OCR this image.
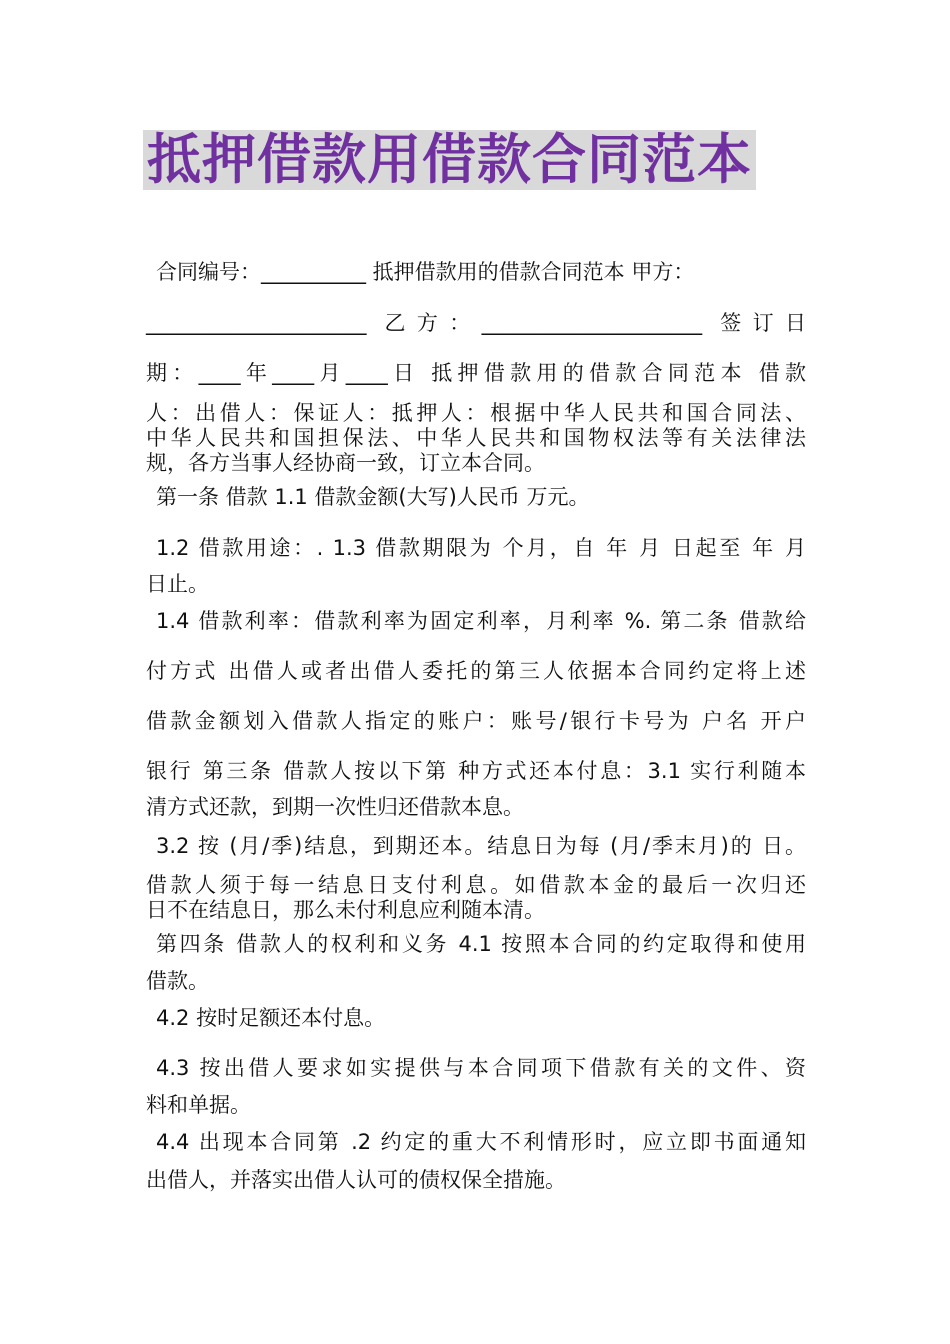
抵押借款用借款合同范本
合同编号：__________ 抵押借款用的借款合同范本 甲方：
_____________________ 乙方：_____________________ 签订日
期：____年____月____日 抵押借款用的借款合同范本 借款
人：出借人：保证人：抵押人：根据中华人民共和国合同法、
中华人民共和国担保法、中华人民共和国物权法等有关法律法
规，各方当事人经协商一致，订立本合同。
第一条 借款 1.1 借款金额(大写)人民币 万元。
1.2 借款用途：. 1.3 借款期限为 个月，自 年 月 日起至 年 月
日止。
1.4 借款利率：借款利率为固定利率，月利率 %. 第二条 借款给
付方式 出借人或者出借人委托的第三人依据本合同约定将上述
借款金额划入借款人指定的账户：账号/银行卡号为 户名 开户
银行 第三条 借款人按以下第 种方式还本付息：3.1 实行利随本
清方式还款，到期一次性归还借款本息。
3.2 按 (月/季)结息，到期还本。结息日为每 (月/季末月)的 日。
借款人须于每一结息日支付利息。如借款本金的最后一次归还
日不在结息日，那么未付利息应利随本清。
第四条 借款人的权利和义务 4.1 按照本合同的约定取得和使用
借款。
4.2 按时足额还本付息。
4.3 按出借人要求如实提供与本合同项下借款有关的文件、资
料和单据。
4.4 出现本合同第 .2 约定的重大不利情形时，应立即书面通知
出借人，并落实出借人认可的债权保全措施。
